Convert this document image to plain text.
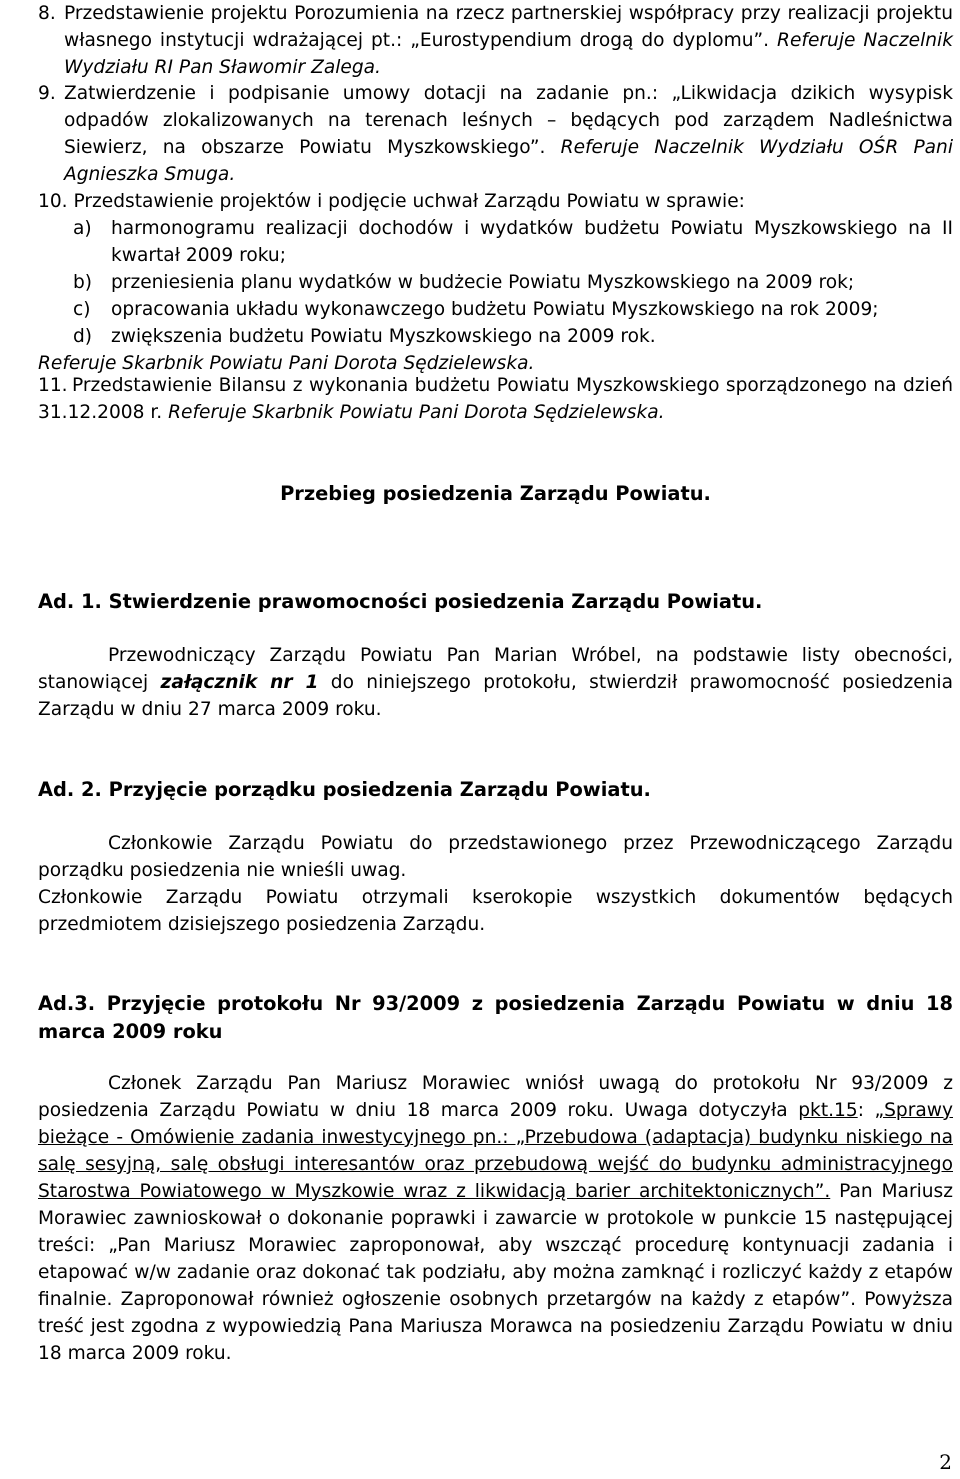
8. Przedstawienie projektu Porozumienia na rzecz partnerskiej współpracy przy realizacji projektu własnego instytucji wdrażającej pt.: „Eurostypendium drogą do dyplomu”. Referuje Naczelnik Wydziału RI Pan Sławomir Zalega.
9. Zatwierdzenie i podpisanie umowy dotacji na zadanie pn.: „Likwidacja dzikich wysypisk odpadów zlokalizowanych na terenach leśnych – będących pod zarządem Nadleśnictwa Siewierz, na obszarze Powiatu Myszkowskiego”. Referuje Naczelnik Wydziału OŚR Pani Agnieszka Smuga.

10. Przedstawienie projektów i podjęcie uchwał Zarządu Powiatu w sprawie:

a)	harmonogramu realizacji dochodów i wydatków budżetu Powiatu Myszkowskiego na II kwartał 2009 roku;
b)	przeniesienia planu wydatków w budżecie Powiatu Myszkowskiego na 2009 rok;
c)	opracowania układu wykonawczego budżetu Powiatu Myszkowskiego na rok 2009;
d)	zwiększenia budżetu Powiatu Myszkowskiego na 2009 rok.

Referuje Skarbnik Powiatu Pani Dorota Sędzielewska.

11. Przedstawienie Bilansu z wykonania budżetu Powiatu Myszkowskiego sporządzonego na dzień 31.12.2008 r. Referuje Skarbnik Powiatu Pani Dorota Sędzielewska.

Przebieg posiedzenia Zarządu Powiatu.

Ad. 1. Stwierdzenie prawomocności posiedzenia Zarządu Powiatu.

Przewodniczący Zarządu Powiatu Pan Marian Wróbel, na podstawie listy obecności, stanowiącej załącznik nr 1 do niniejszego protokołu, stwierdził prawomocność posiedzenia Zarządu w dniu 27 marca 2009 roku.

Ad. 2. Przyjęcie porządku posiedzenia Zarządu Powiatu.

Członkowie Zarządu Powiatu do przedstawionego przez Przewodniczącego Zarządu porządku posiedzenia nie wnieśli uwag.

Członkowie Zarządu Powiatu otrzymali kserokopie wszystkich dokumentów będących przedmiotem dzisiejszego posiedzenia Zarządu.

Ad.3. Przyjęcie protokołu Nr 93/2009 z posiedzenia Zarządu Powiatu w dniu 18 marca 2009 roku

Członek Zarządu Pan Mariusz Morawiec wniósł uwagą do protokołu Nr 93/2009 z posiedzenia Zarządu Powiatu w dniu 18 marca 2009 roku. Uwaga dotyczyła pkt.15: „Sprawy bieżące - Omówienie zadania inwestycyjnego pn.: „Przebudowa (adaptacja) budynku niskiego na salę sesyjną, salę obsługi interesantów oraz przebudową wejść do budynku administracyjnego Starostwa Powiatowego w Myszkowie wraz z likwidacją barier architektonicznych”. Pan Mariusz Morawiec zawnioskował o dokonanie poprawki i zawarcie w protokole w punkcie 15 następującej treści: „Pan Mariusz Morawiec zaproponował, aby wszcząć procedurę kontynuacji zadania i etapować w/w zadanie oraz dokonać tak podziału, aby można zamknąć i rozliczyć każdy z etapów finalnie. Zaproponował również ogłoszenie osobnych przetargów na każdy z etapów”. Powyższa treść jest zgodna z wypowiedzią Pana Mariusza Morawca na posiedzeniu Zarządu Powiatu w dniu 18 marca 2009 roku.

2
